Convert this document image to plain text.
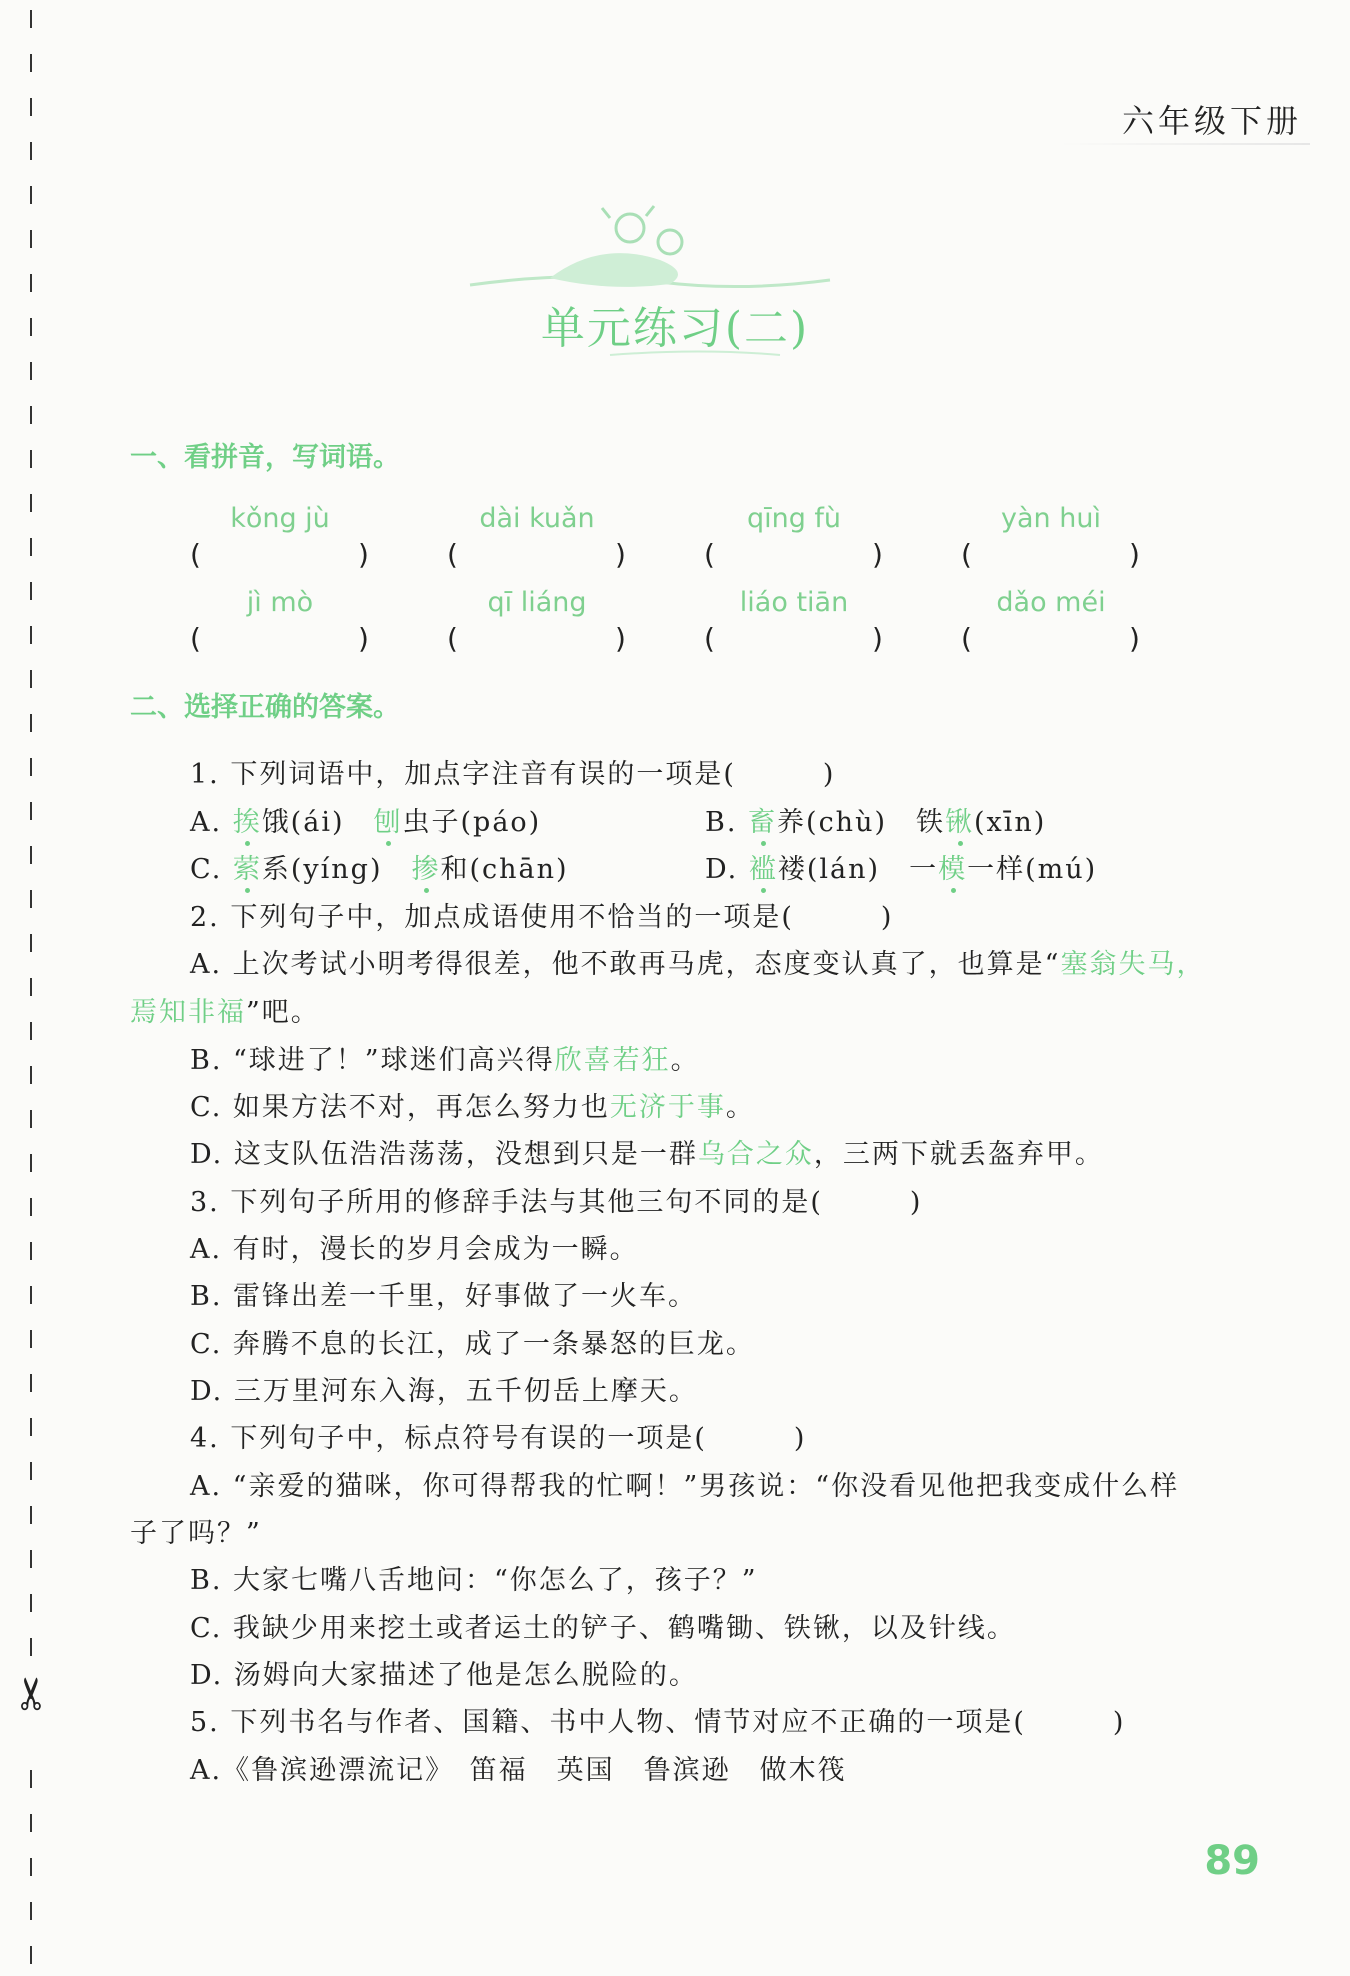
✂
六年级下册
单元练习(二)
一、看拼音，写词语。
kǒng jù	dài kuǎn	qīng fù	yàn huì
(	)	(	)	(	)	(	)
jì mò	qī liáng	liáo tiān	dǎo méi
(	)	(	)	(	)	(	)
二、选择正确的答案。
1. 下列词语中，加点字注音有误的一项是(　　　)
A. 挨饿(ái)　 刨虫子(páo)	B. 畜养(chù)　铁锹(xīn)
C. 萦系(yíng)　 掺和(chān)	D. 褴褛(lán)　一模一样(mú)
2. 下列句子中，加点成语使用不恰当的一项是(　　　)
A. 上次考试小明考得很差，他不敢再马虎，态度变认真了，也算是“塞翁失马，
焉知非福”吧。
B. “球进了！”球迷们高兴得欣喜若狂。
C. 如果方法不对，再怎么努力也无济于事。
D. 这支队伍浩浩荡荡，没想到只是一群乌合之众，三两下就丢盔弃甲。
3. 下列句子所用的修辞手法与其他三句不同的是(　　　)
A. 有时，漫长的岁月会成为一瞬。
B. 雷锋出差一千里，好事做了一火车。
C. 奔腾不息的长江，成了一条暴怒的巨龙。
D. 三万里河东入海，五千仞岳上摩天。
4. 下列句子中，标点符号有误的一项是(　　　)
A. “亲爱的猫咪，你可得帮我的忙啊！”男孩说：“你没看见他把我变成什么样
子了吗？”
B. 大家七嘴八舌地问：“你怎么了，孩子？”
C. 我缺少用来挖土或者运土的铲子、鹤嘴锄、铁锹，以及针线。
D. 汤姆向大家描述了他是怎么脱险的。
5. 下列书名与作者、国籍、书中人物、情节对应不正确的一项是(　　　)
A.《鲁滨逊漂流记》　笛福　英国　鲁滨逊　做木筏
89
